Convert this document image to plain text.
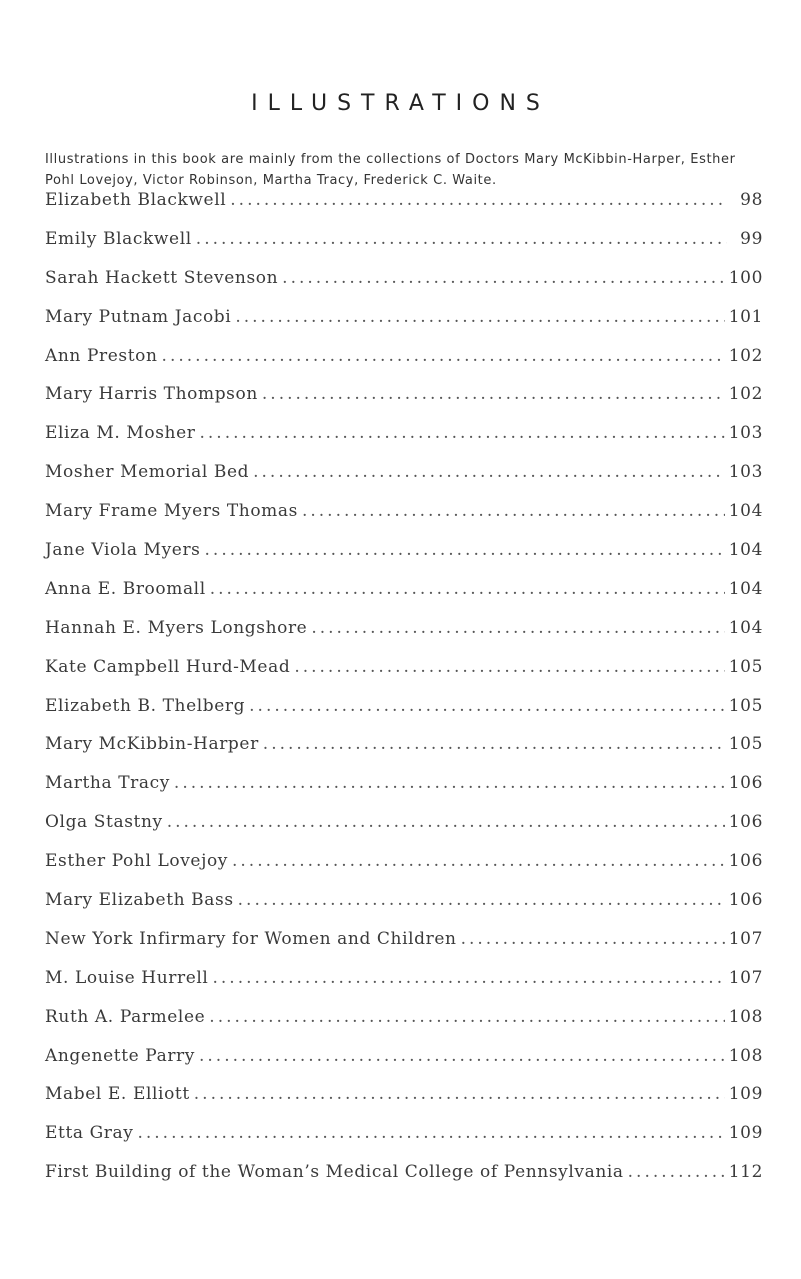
ILLUSTRATIONS
Illustrations in this book are mainly from the collections of Doctors Mary McKibbin-Harper, Esther Pohl Lovejoy, Victor Robinson, Martha Tracy, Frederick C. Waite.
Elizabeth Blackwell .....	98
Emily Blackwell .....	99
Sarah Hackett Stevenson .....	100
Mary Putnam Jacobi .....	101
Ann Preston .....	102
Mary Harris Thompson .....	102
Eliza M. Mosher .....	103
Mosher Memorial Bed .....	103
Mary Frame Myers Thomas .....	104
Jane Viola Myers .....	104
Anna E. Broomall .....	104
Hannah E. Myers Longshore .....	104
Kate Campbell Hurd-Mead .....	105
Elizabeth B. Thelberg .....	105
Mary McKibbin-Harper .....	105
Martha Tracy .....	106
Olga Stastny .....	106
Esther Pohl Lovejoy .....	106
Mary Elizabeth Bass .....	106
New York Infirmary for Women and Children .....	107
M. Louise Hurrell .....	107
Ruth A. Parmelee .....	108
Angenette Parry .....	108
Mabel E. Elliott .....	109
Etta Gray .....	109
First Building of the Woman’s Medical College of Pennsylvania .....	112
